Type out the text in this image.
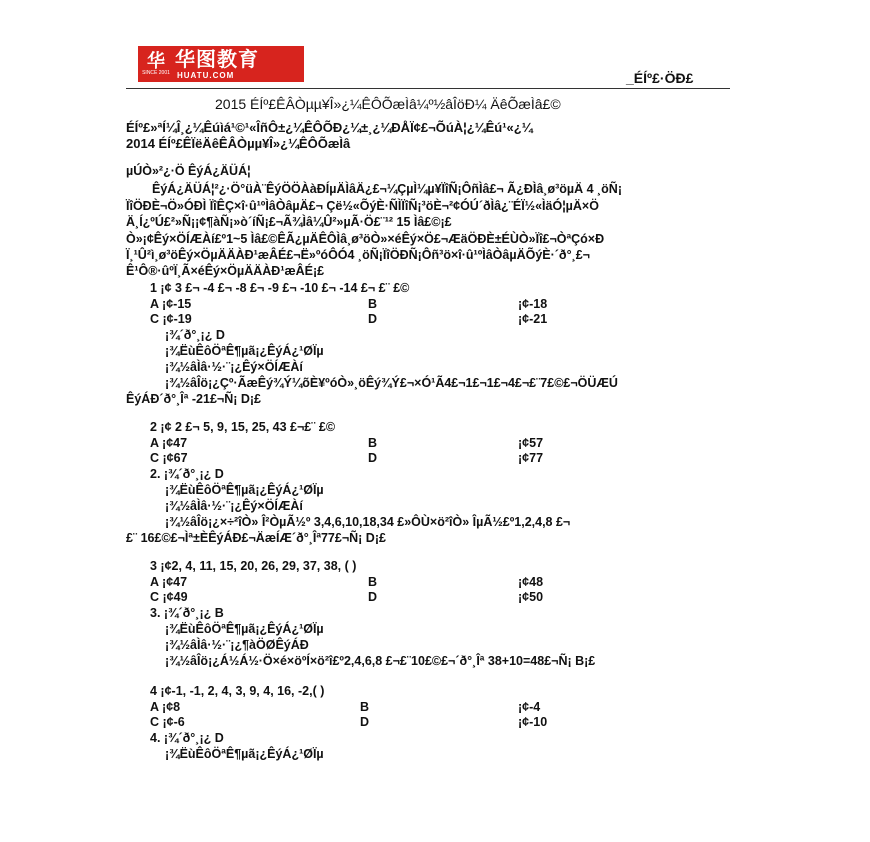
华
SINCE 2001
华图教育
HUATU.COM	_ÉÍº£·ÖÐ£
2015 ÉÍº£ÊÂÒµµ¥Î»¿¼ÊÔÕæÌâ¼º½âÎöÐ¼ ÄêÕæÌâ£©
ÉÍº£»ªÍ¼Î¸¿¼Êúìá¹©¹«ÎñÔ±¿¼ÊÔÕÐ¿¼±¸¿¼ÐÅÏ¢£¬ÕúÀ¦¿¼Êú¹«¿¼
2014 ÉÍº£ÊÏëÄêÊÂÒµµ¥Î»¿¼ÊÔÕæÌâ
µÚÒ»²¿·Ö ÊýÁ¿ÄÜÁ¦
ÊýÁ¿ÄÜÁ¦²¿·Ö°üÀ¨ÊýÖÖÀàÐÍµÄÌâÄ¿£¬¼ÇµÌ¼µ¥ÏîÑ¡ÔñÌâ£¬ Ã¿ÐÌâ¸ø³öµÄ 4 ¸öÑ¡
ÏîÖÐÈ¬Ö»ÓÐÌ ÏîÊÇ×î·û¹ºÌâÒâµÄ£¬ Çë½«ÕýÈ·ÑÌÏîÑ¡³öÈ¬²¢ÓÚ´ðÌâ¿¨ÉÏ½«ÌäÓ¦µÄ×Ö
Ä¸Í¿ºÚ£²»Ñ¡¡¢¶àÑ¡»ò´íÑ¡£¬Ã¾Ìâ¼Û²»µÃ·Ö£¨¹² 15 Ìâ£©¡£
Ò»¡¢Êý×ÖÍÆÀí£º1~5 Ìâ£©ÊÃ¿µÄÊÔÌâ¸ø³öÒ»×éÊý×Ö£¬ÆäÖÐÈ±ÉÙÒ»Ïî£¬ÒªÇó×Ð
Ï¸¹Û²ì¸ø³öÊý×ÖµÄÄÀÐ¹æÂÉ£¬Ë»ºóÔÓ4 ¸öÑ¡ÏîÖÐÑ¡Ôñ³ö×î·û¹ºÌâÒâµÄÕýÈ·´ð°¸£¬
Ê¹Ô®·ûºÏ¸Ã×éÊý×ÖµÄÄÀÐ¹æÂÉ¡£
1 ¡¢ 3 £¬ -4 £¬ -8 £¬ -9 £¬ -10 £¬ -14 £¬ £¨ £©
A ¡¢-15	B	¡¢-18
C ¡¢-19	D	¡¢-21
¡¾´ð°¸¡¿ D
¡¾ËùÊôÖªÊ¶µã¡¿ÊýÁ¿¹ØÏµ
¡¾½âÌâ·½·¨¡¿Êý×ÖÍÆÀí
¡¾½âÎö¡¿Çº·ÃæÊý¾Ý¼õÈ¥ºóÒ»¸öÊý¾Ý£¬×Ó¹Ã4£¬1£¬1£¬4£¬£¨7£©£¬ÖÜÆÚ
ÊýÁÐ´ð°¸Îª -21£¬Ñ¡ D¡£
2 ¡¢ 2 £¬ 5, 9, 15, 25, 43 £¬£¨ £©
A ¡¢47	B	¡¢57
C ¡¢67	D	¡¢77
2. ¡¾´ð°¸¡¿ D
¡¾ËùÊôÖªÊ¶µã¡¿ÊýÁ¿¹ØÏµ
¡¾½âÌâ·½·¨¡¿Êý×ÖÍÆÀí
¡¾½âÎö¡¿×÷²îÒ» Î²ÒµÃ½º 3,4,6,10,18,34 £»ÔÙ×ö²îÒ» ÎµÃ½£º1,2,4,8 £¬
£¨ 16£©£¬Ìª±ÈÊýÁÐ£¬ÄæÍÆ´ð°¸Îª77£¬Ñ¡ D¡£
3 ¡¢2, 4, 11, 15, 20, 26, 29, 37, 38, ( )
A ¡¢47	B	¡¢48
C ¡¢49	D	¡¢50
3. ¡¾´ð°¸¡¿ B
¡¾ËùÊôÖªÊ¶µã¡¿ÊýÁ¿¹ØÏµ
¡¾½âÌâ·½·¨¡¿¶àÖØÊýÁÐ
¡¾½âÎö¡¿Á½Á½·Ö×é×öºÍ×ö²î£º2,4,6,8 £¬£¨10£©£¬´ð°¸Îª 38+10=48£¬Ñ¡ B¡£
4 ¡¢-1, -1, 2, 4, 3, 9, 4, 16, -2,( )
A ¡¢8	B	¡¢-4
C ¡¢-6	D	¡¢-10
4. ¡¾´ð°¸¡¿ D
¡¾ËùÊôÖªÊ¶µã¡¿ÊýÁ¿¹ØÏµ
